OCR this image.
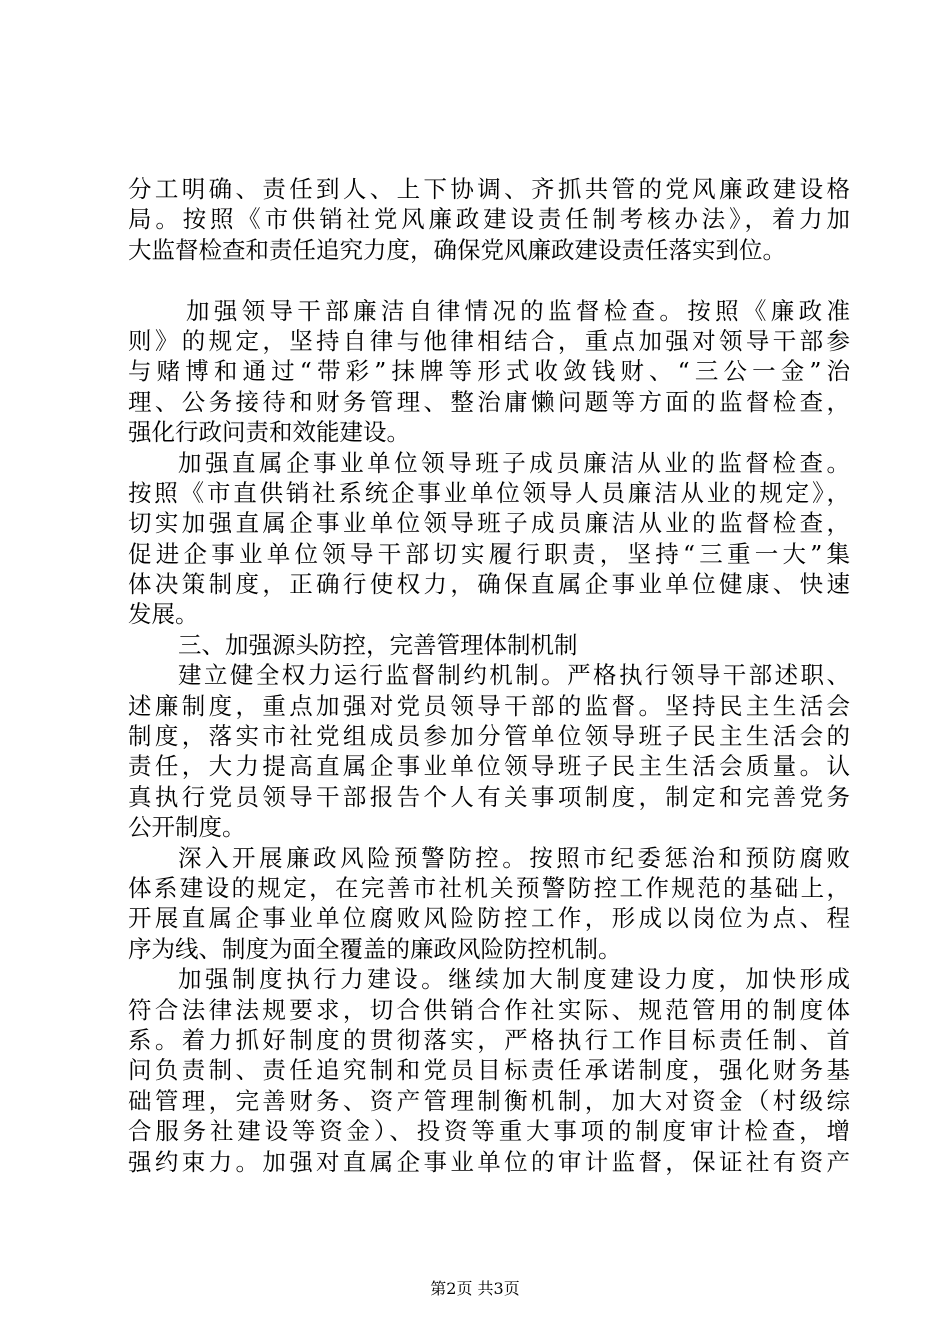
分工明确、责任到人、上下协调、齐抓共管的党风廉政建设格
局。按照《市供销社党风廉政建设责任制考核办法》，着力加
大监督检查和责任追究力度，确保党风廉政建设责任落实到位。
加强领导干部廉洁自律情况的监督检查。按照《廉政准
则》的规定，坚持自律与他律相结合，重点加强对领导干部参
与赌博和通过“带彩”抹牌等形式收敛钱财、“三公一金”治
理、公务接待和财务管理、整治庸懒问题等方面的监督检查，
强化行政问责和效能建设。
加强直属企事业单位领导班子成员廉洁从业的监督检查。
按照《市直供销社系统企事业单位领导人员廉洁从业的规定》，
切实加强直属企事业单位领导班子成员廉洁从业的监督检查，
促进企事业单位领导干部切实履行职责，坚持“三重一大”集
体决策制度，正确行使权力，确保直属企事业单位健康、快速
发展。
三、加强源头防控，完善管理体制机制
建立健全权力运行监督制约机制。严格执行领导干部述职、
述廉制度，重点加强对党员领导干部的监督。坚持民主生活会
制度，落实市社党组成员参加分管单位领导班子民主生活会的
责任，大力提高直属企事业单位领导班子民主生活会质量。认
真执行党员领导干部报告个人有关事项制度，制定和完善党务
公开制度。
深入开展廉政风险预警防控。按照市纪委惩治和预防腐败
体系建设的规定，在完善市社机关预警防控工作规范的基础上，
开展直属企事业单位腐败风险防控工作，形成以岗位为点、程
序为线、制度为面全覆盖的廉政风险防控机制。
加强制度执行力建设。继续加大制度建设力度，加快形成
符合法律法规要求，切合供销合作社实际、规范管用的制度体
系。着力抓好制度的贯彻落实，严格执行工作目标责任制、首
问负责制、责任追究制和党员目标责任承诺制度，强化财务基
础管理，完善财务、资产管理制衡机制，加大对资金（村级综
合服务社建设等资金）、投资等重大事项的制度审计检查，增
强约束力。加强对直属企事业单位的审计监督，保证社有资产
第2页 共3页
